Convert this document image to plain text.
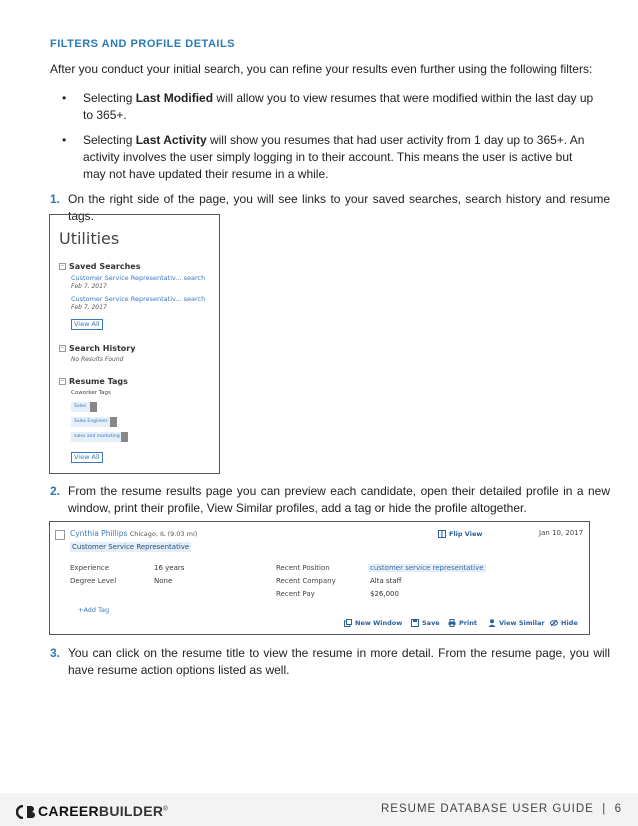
FILTERS AND PROFILE DETAILS
After you conduct your initial search, you can refine your results even further using the following filters:
• Selecting Last Modified will allow you to view resumes that were modified within the last day up to 365+.
• Selecting Last Activity will show you resumes that had user activity from 1 day up to 365+. An activity involves the user simply logging in to their account. This means the user is active but may not have updated their resume in a while.
1. On the right side of the page, you will see links to your saved searches, search history and resume tags.
Utilities
− Saved Searches
Customer Service Representativ... search
Feb 7, 2017
Customer Service Representativ... search
Feb 7, 2017
View All
− Search History
No Results Found
− Resume Tags
Coworker Tags
Sales
Sales Engineer
sales and marketing
View All
2. From the resume results page you can preview each candidate, open their detailed profile in a new window, print their profile, View Similar profiles, add a tag or hide the profile altogether.
Cynthia Phillips Chicago, IL (9.03 mi)
Customer Service Representative
Flip View	Jan 10, 2017
Experience	16 years
Degree Level	None
Recent Position	customer service representative
Recent Company	Alta staff
Recent Pay	$26,000
+Add Tag
New Window	Save	Print	View Similar	Hide
3. You can click on the resume title to view the resume in more detail. From the resume page, you will have resume action options listed as well.
CAREERBUILDER®	RESUME DATABASE USER GUIDE | 6
